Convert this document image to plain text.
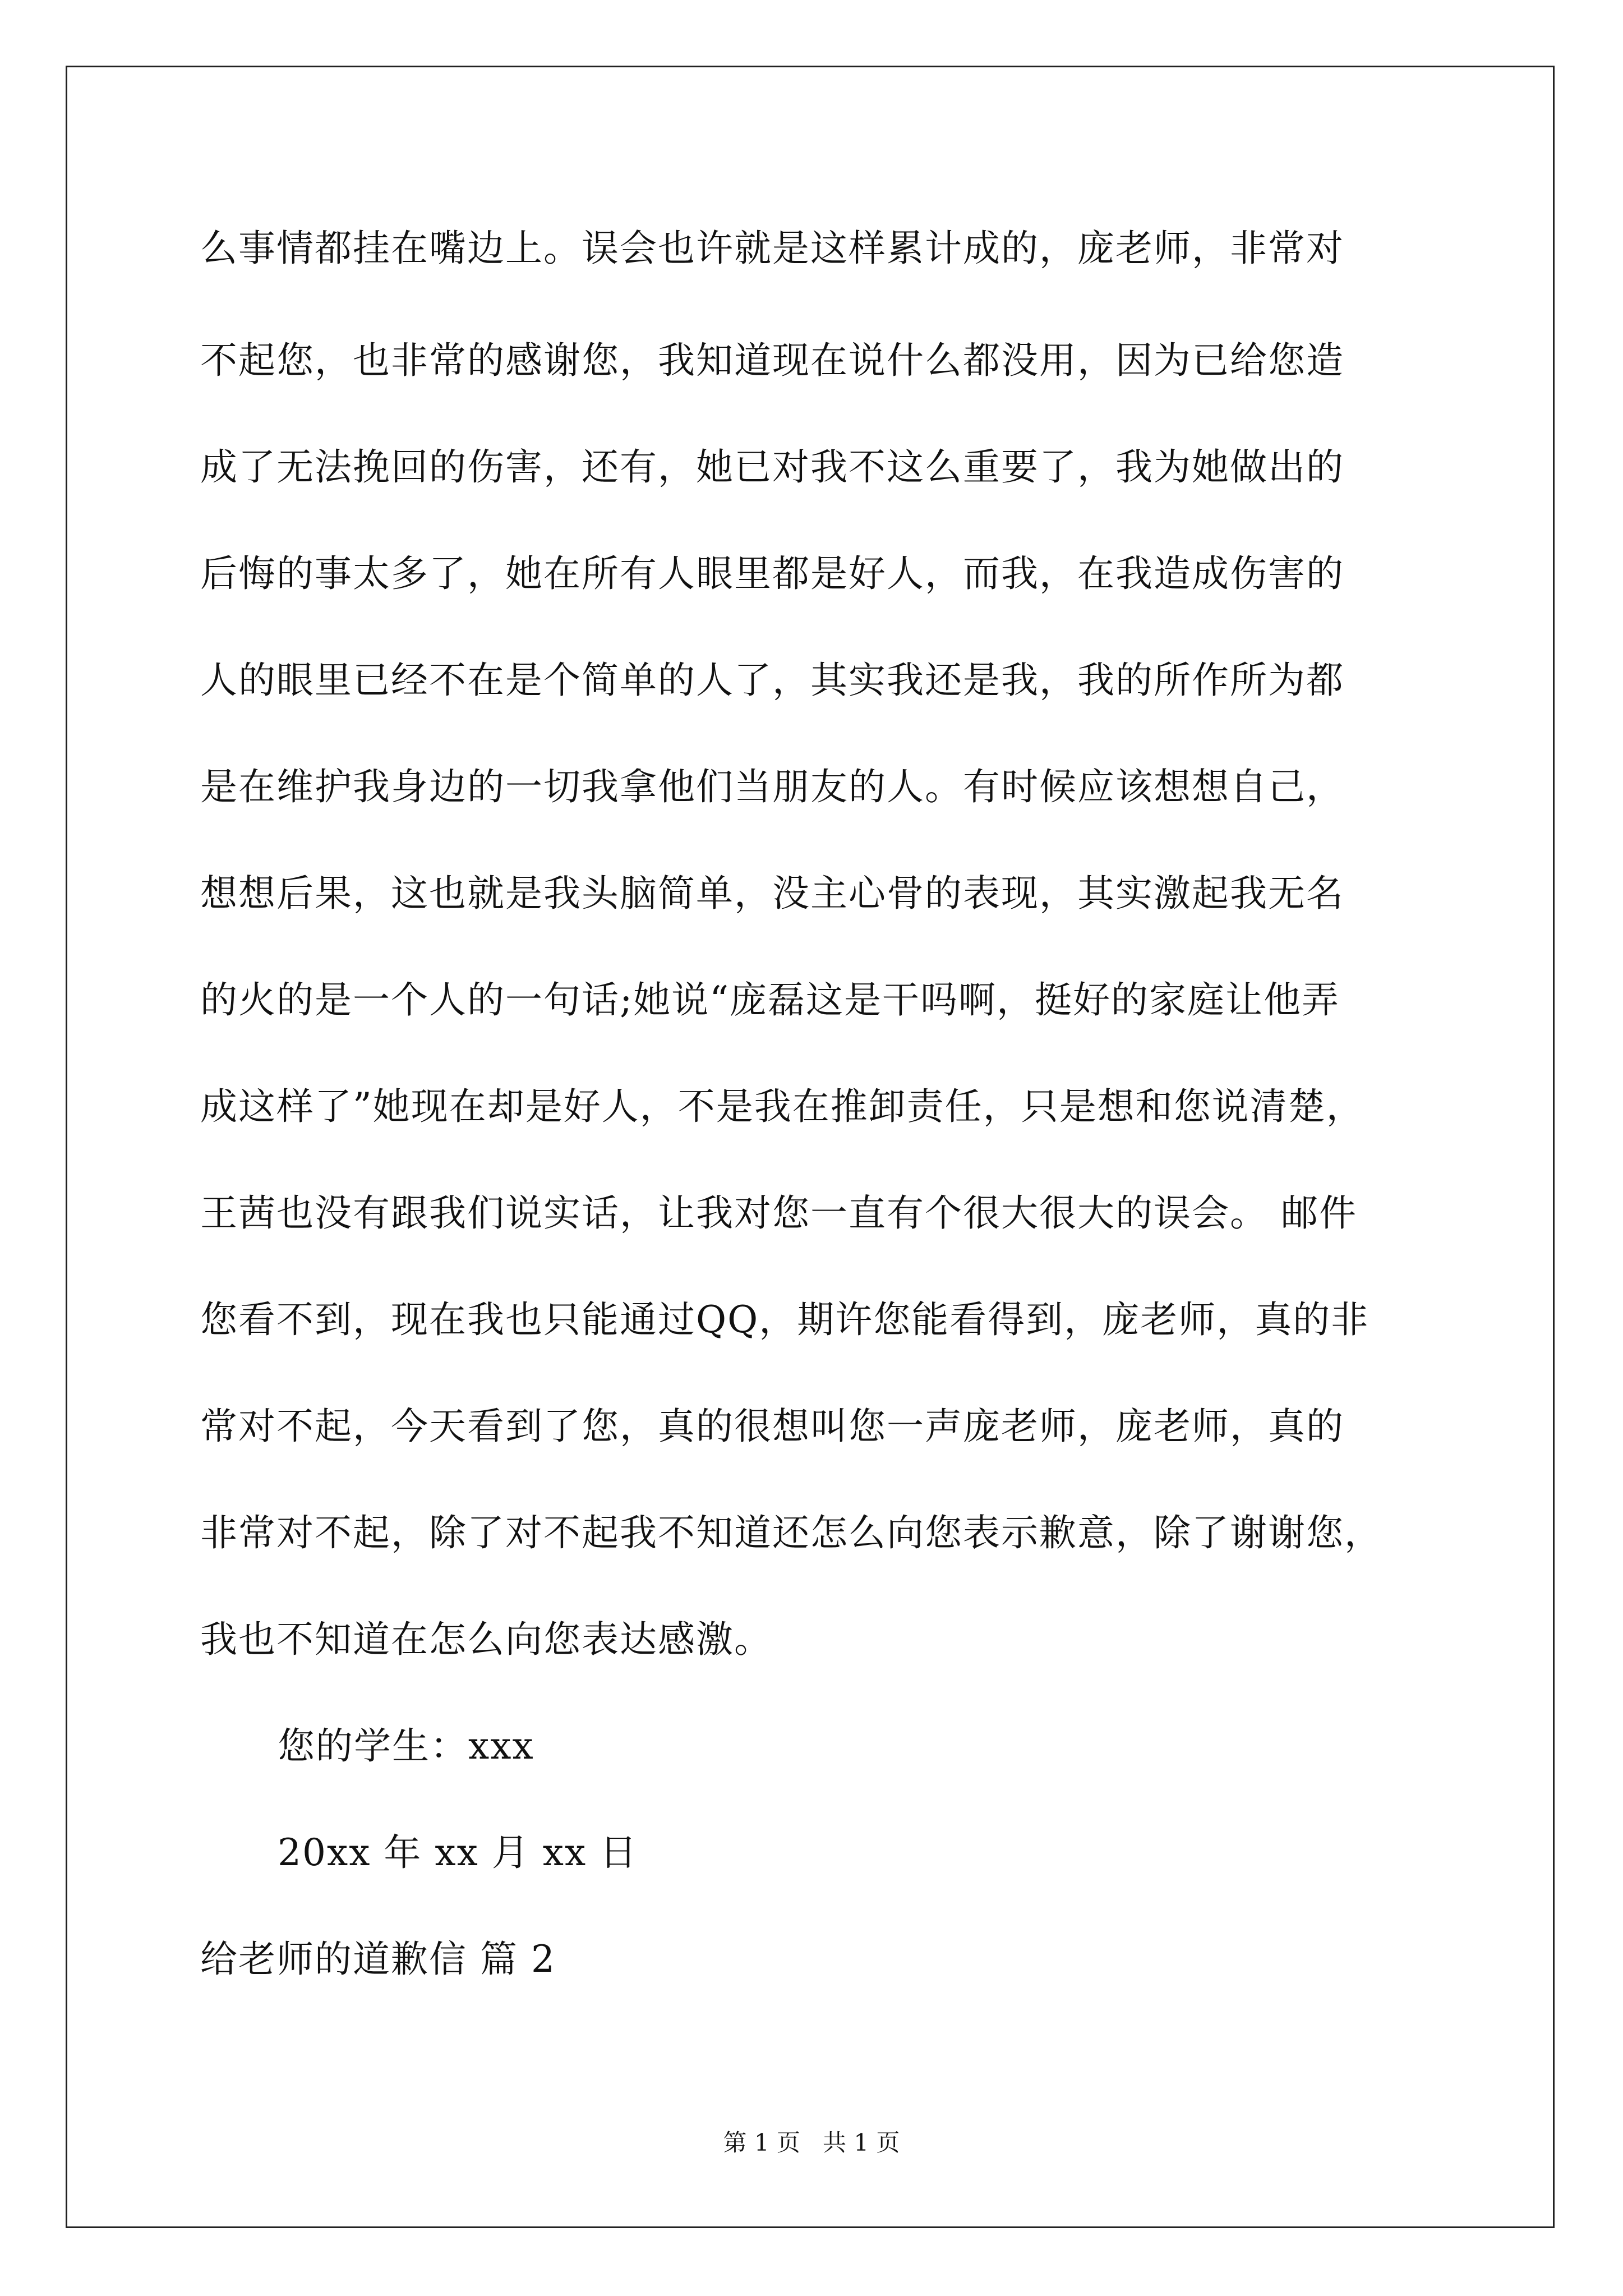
么事情都挂在嘴边上。误会也许就是这样累计成的，庞老师，非常对
不起您，也非常的感谢您，我知道现在说什么都没用，因为已给您造
成了无法挽回的伤害，还有，她已对我不这么重要了，我为她做出的
后悔的事太多了，她在所有人眼里都是好人，而我，在我造成伤害的
人的眼里已经不在是个简单的人了，其实我还是我，我的所作所为都
是在维护我身边的一切我拿他们当朋友的人。有时候应该想想自己，
想想后果，这也就是我头脑简单，没主心骨的表现，其实激起我无名
的火的是一个人的一句话;她说“庞磊这是干吗啊，挺好的家庭让他弄
成这样了”她现在却是好人，不是我在推卸责任，只是想和您说清楚，
王茜也没有跟我们说实话，让我对您一直有个很大很大的误会。 邮件
您看不到，现在我也只能通过QQ，期许您能看得到，庞老师，真的非
常对不起，今天看到了您，真的很想叫您一声庞老师，庞老师，真的
非常对不起，除了对不起我不知道还怎么向您表示歉意，除了谢谢您，
我也不知道在怎么向您表达感激。
您的学生：xxx
20xx 年 xx 月 xx 日
给老师的道歉信 篇 2
第 1 页   共 1 页
